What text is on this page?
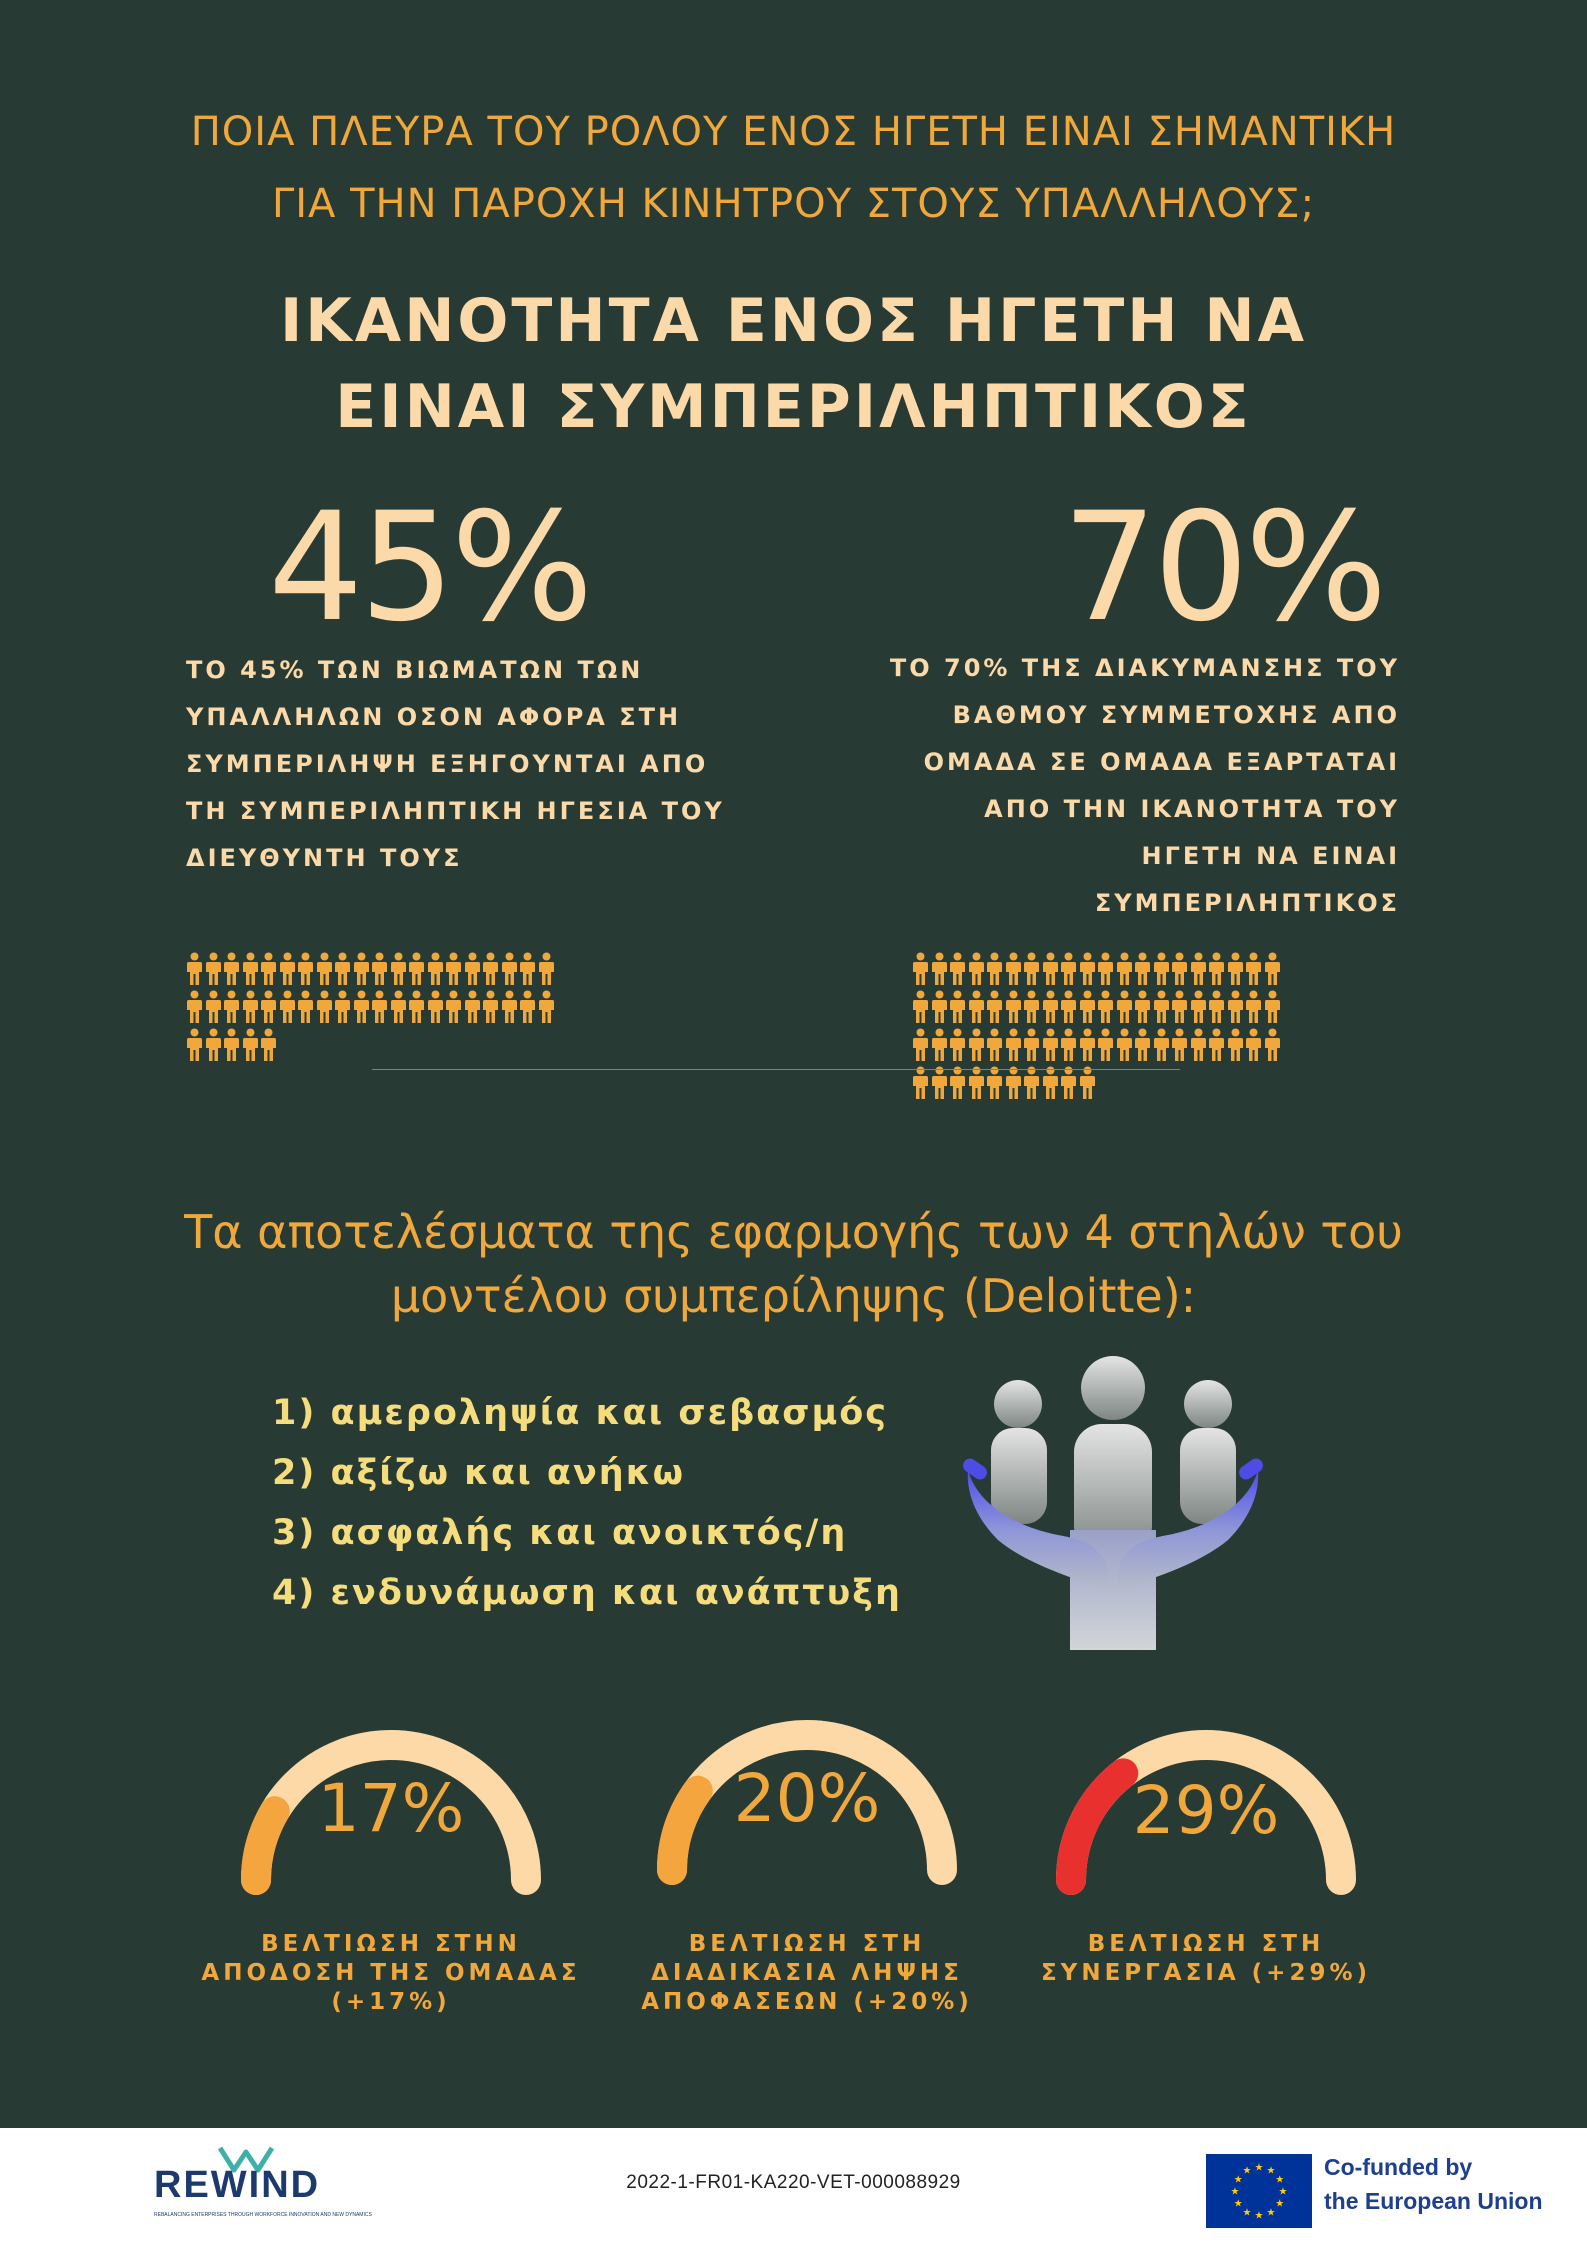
ΠΟΙΑ ΠΛΕΥΡΑ ΤΟΥ ΡΟΛΟΥ ΕΝΟΣ ΗΓΕΤΗ ΕΙΝΑΙ ΣΗΜΑΝΤΙΚΗ
ΓΙΑ ΤΗΝ ΠΑΡΟΧΗ ΚΙΝΗΤΡΟΥ ΣΤΟΥΣ ΥΠΑΛΛΗΛΟΥΣ;
ΙΚΑΝΟΤΗΤΑ ΕΝΟΣ ΗΓΕΤΗ ΝΑ
ΕΙΝΑΙ ΣΥΜΠΕΡΙΛΗΠΤΙΚΟΣ
45%
ΤΟ 45% ΤΩΝ ΒΙΩΜΑΤΩΝ ΤΩΝ
ΥΠΑΛΛΗΛΩΝ ΟΣΟΝ ΑΦΟΡΑ ΣΤΗ
ΣΥΜΠΕΡΙΛΗΨΗ ΕΞΗΓΟΥΝΤΑΙ ΑΠΟ
ΤΗ ΣΥΜΠΕΡΙΛΗΠΤΙΚΗ ΗΓΕΣΙΑ ΤΟΥ
ΔΙΕΥΘΥΝΤΗ ΤΟΥΣ
70%
ΤΟ 70% ΤΗΣ ΔΙΑΚΥΜΑΝΣΗΣ ΤΟΥ
ΒΑΘΜΟΥ ΣΥΜΜΕΤΟΧΗΣ ΑΠΟ
ΟΜΑΔΑ ΣΕ ΟΜΑΔΑ ΕΞΑΡΤΑΤΑΙ
ΑΠΟ ΤΗΝ ΙΚΑΝΟΤΗΤΑ ΤΟΥ
ΗΓΕΤΗ ΝΑ ΕΙΝΑΙ
ΣΥΜΠΕΡΙΛΗΠΤΙΚΟΣ
Τα αποτελέσματα της εφαρμογής των 4 στηλών του
μοντέλου συμπερίληψης (Deloitte):
1) αμεροληψία και σεβασμός
2) αξίζω και ανήκω
3) ασφαλής και ανοικτός/η
4) ενδυνάμωση και ανάπτυξη
17%
ΒΕΛΤΙΩΣΗ ΣΤΗΝ
ΑΠΟΔΟΣΗ ΤΗΣ ΟΜΑΔΑΣ
(+17%)
20%
ΒΕΛΤΙΩΣΗ ΣΤΗ
ΔΙΑΔΙΚΑΣΙΑ ΛΗΨΗΣ
ΑΠΟΦΑΣΕΩΝ (+20%)
29%
ΒΕΛΤΙΩΣΗ ΣΤΗ
ΣΥΝΕΡΓΑΣΙΑ (+29%)
REWIND
REBALANCING ENTERPRISES THROUGH WORKFORCE INNOVATION AND NEW DYNAMICS
2022-1-FR01-KA220-VET-000088929
★ ★
★
★
★
★
★
★
★
★
★
★	Co-funded by
the European Union
